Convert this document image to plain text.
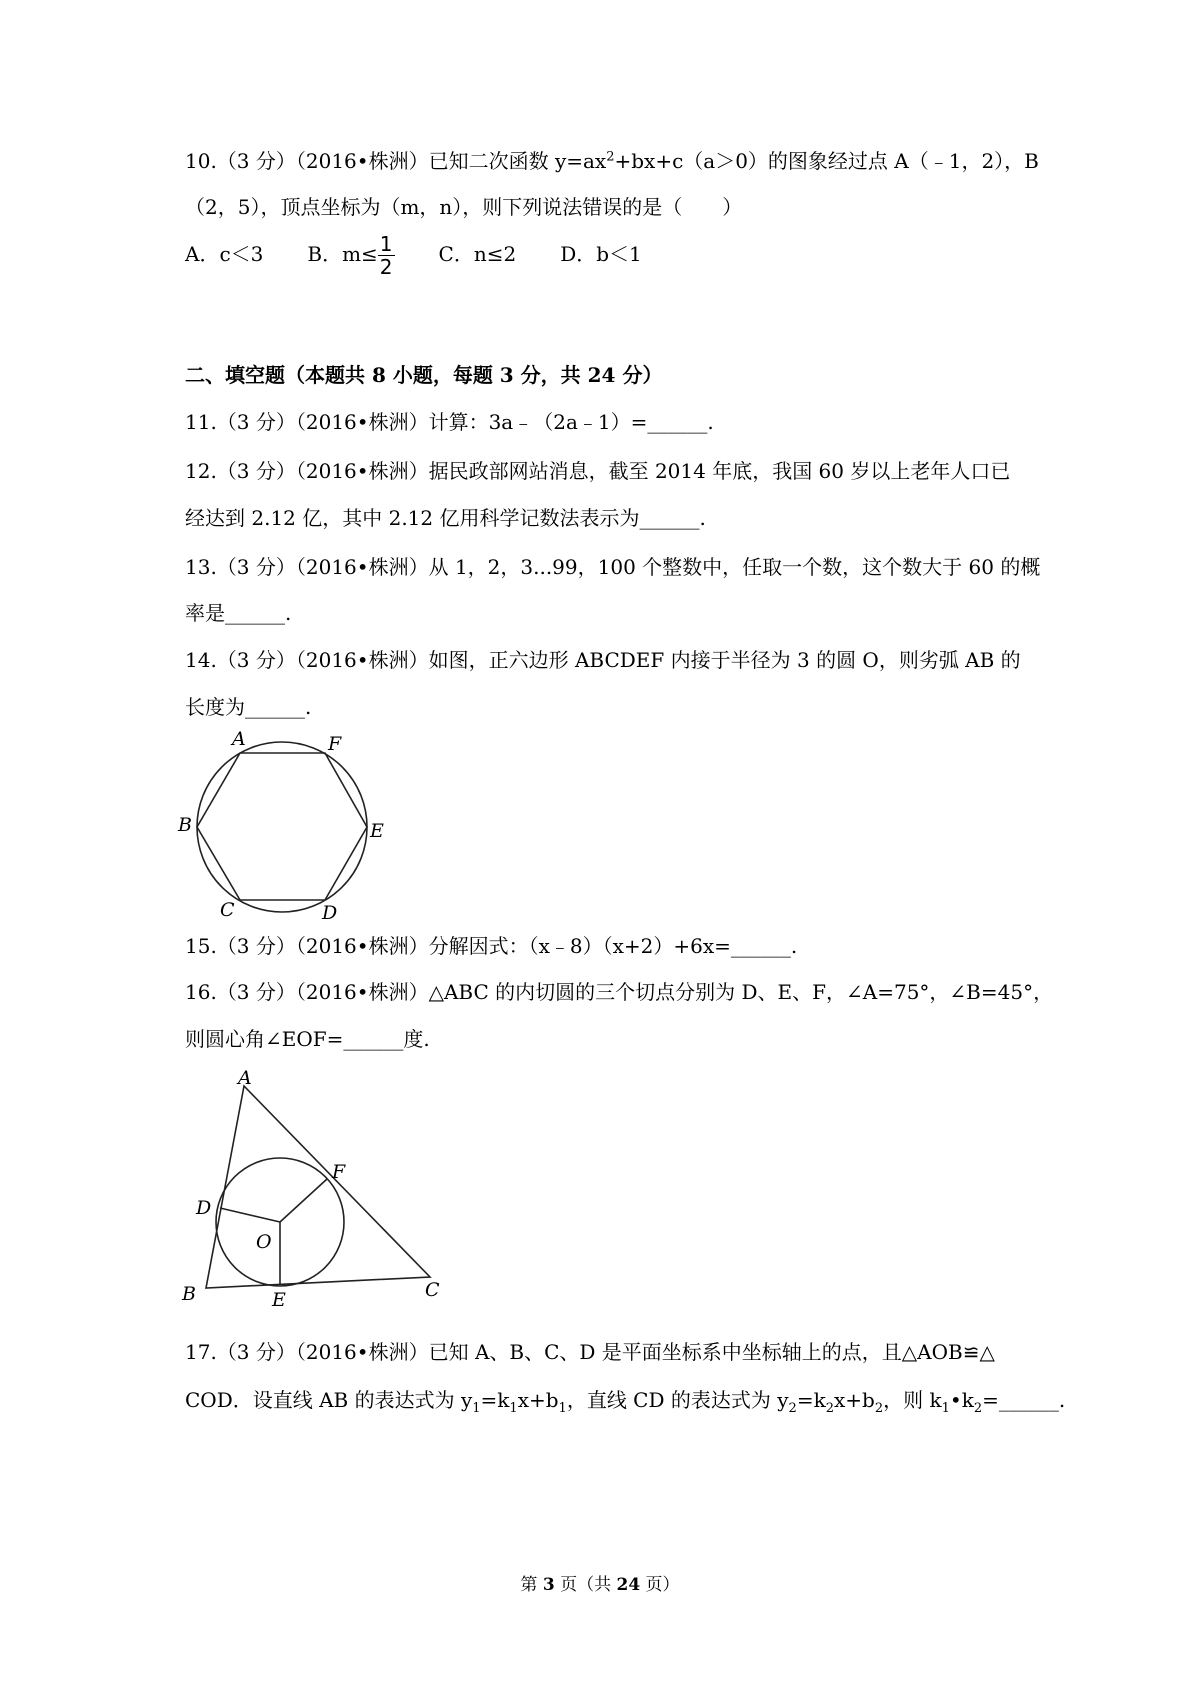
10.（3 分）（2016•株洲）已知二次函数 $y=ax^2+bx+c(a>0)$的图象经过点 A（﹣1，2），B
（2，5），顶点坐标为（m，n），则下列说法错误的是（　　）
A．c＜3 B．$m\le \frac{1}{2}$ C．n≤2 D．b＜1
二、填空题（本题共 8 小题，每题 3 分，共 24 分）
11.（3 分）（2016•株洲）计算：3a﹣（2a﹣1）=______.
12.（3 分）（2016•株洲）据民政部网站消息，截至 2014 年底，我国 60 岁以上老年人口已
经达到 2.12 亿，其中 2.12 亿用科学记数法表示为______.
13.（3 分）（2016•株洲）从 1，2，3...99，100 个整数中，任取一个数，这个数大于 60 的概
率是______.
14.（3 分）（2016•株洲）如图，正六边形 ABCDEF 内接于半径为 3 的圆 O，则劣弧 AB 的
长度为______.
A	F
B	E
C	D
15.（3 分）（2016•株洲）分解因式：（x﹣8）（x+2）+6x=______.
16.（3 分）（2016•株洲）△ABC 的内切圆的三个切点分别为 D、E、F，∠A=75°，∠B=45°，
则圆心角∠EOF=______度.
A
F
D
O
B	E	C
17.（3 分）（2016•株洲）已知 A、B、C、D 是平面坐标系中坐标轴上的点，且△AOB≌△
COD．设直线 AB 的表达式为 $y_1=k_1x+b_1$，直线 CD 的表达式为 $y_2=k_2x+b_2$，则 $k_1•k_2=\_\_\_\_\_\_$.
第 3 页（共 24 页）
